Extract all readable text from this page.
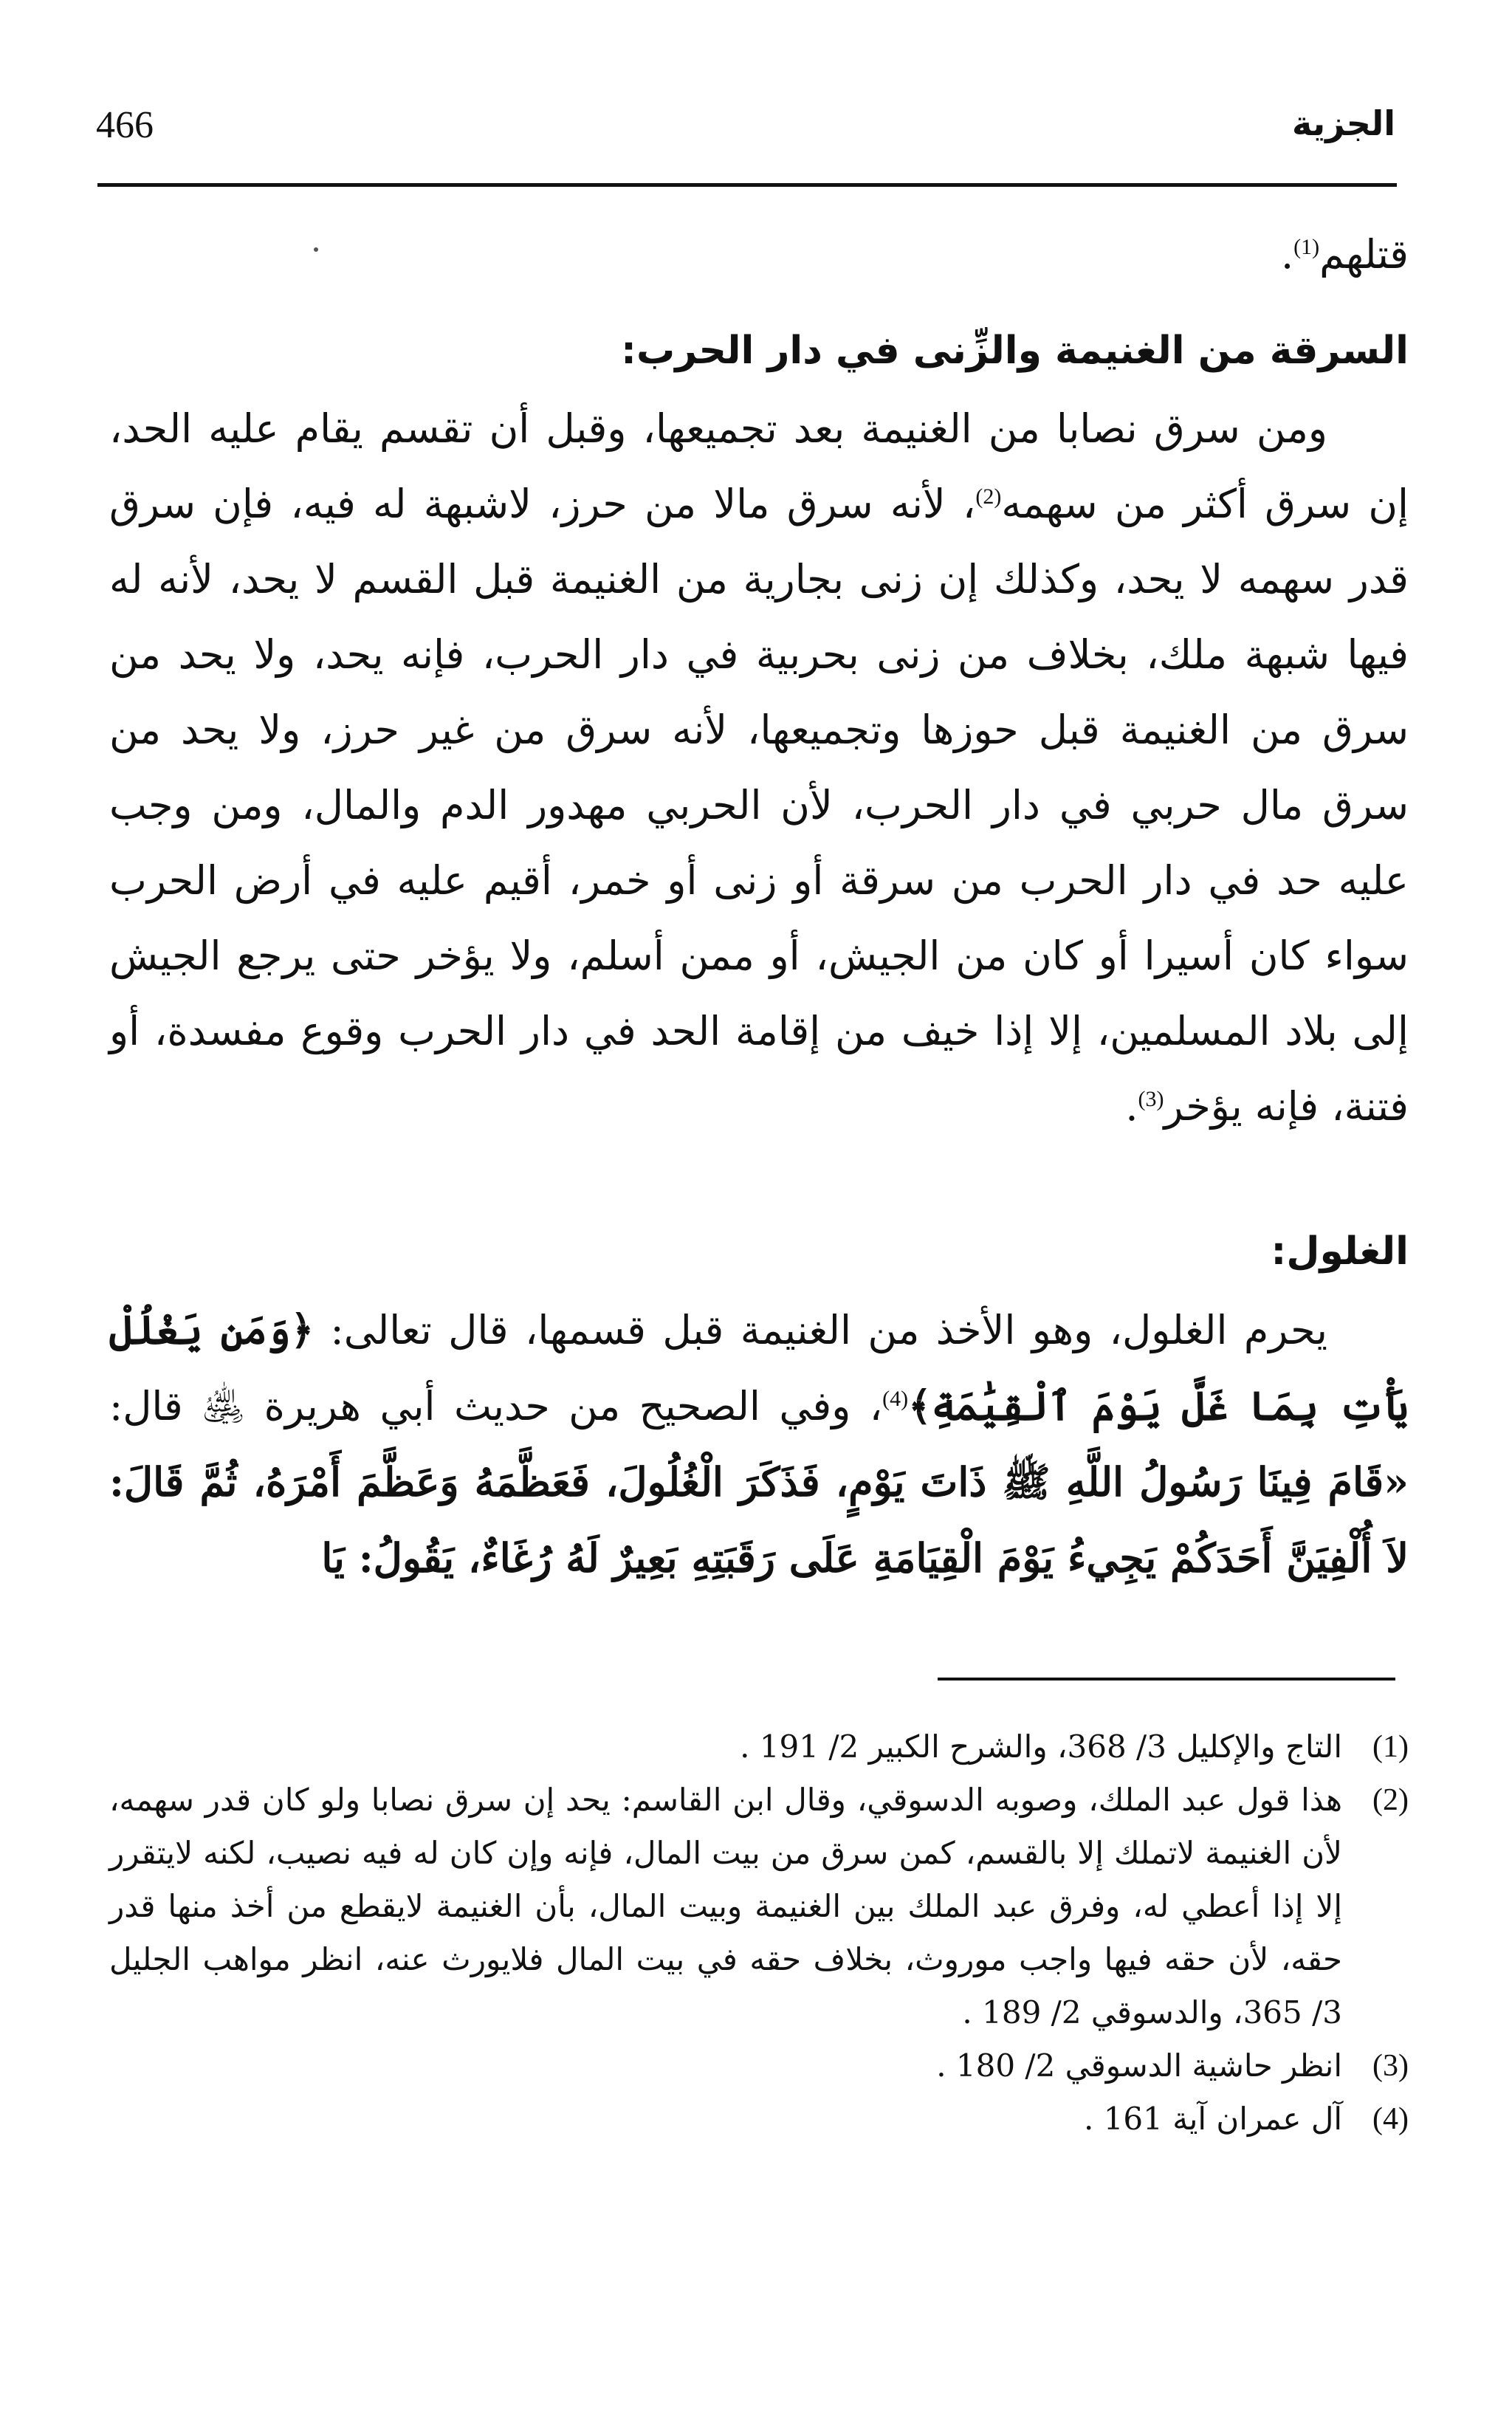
466	الجزية

قتلهم$^{(1)}$.

السرقة من الغنيمة والزِّنى في دار الحرب:

ومن سرق نصابا من الغنيمة بعد تجميعها، وقبل أن تقسم يقام عليه الحد، إن سرق أكثر من سهمه$^{(2)}$، لأنه سرق مالا من حرز، لاشبهة له فيه، فإن سرق قدر سهمه لا يحد، وكذلك إن زنى بجارية من الغنيمة قبل القسم لا يحد، لأنه له فيها شبهة ملك، بخلاف من زنى بحربية في دار الحرب، فإنه يحد، ولا يحد من سرق من الغنيمة قبل حوزها وتجميعها، لأنه سرق من غير حرز، ولا يحد من سرق مال حربي في دار الحرب، لأن الحربي مهدور الدم والمال، ومن وجب عليه حد في دار الحرب من سرقة أو زنى أو خمر، أقيم عليه في أرض الحرب سواء كان أسيرا أو كان من الجيش، أو ممن أسلم، ولا يؤخر حتى يرجع الجيش إلى بلاد المسلمين، إلا إذا خيف من إقامة الحد في دار الحرب وقوع مفسدة، أو فتنة، فإنه يؤخر$^{(3)}$.

الغلول:

يحرم الغلول، وهو الأخذ من الغنيمة قبل قسمها، قال تعالى: ﴿وَمَن يَغْلُلْ يَأْتِ بِمَا غَلَّ يَوْمَ ٱلْقِيَٰمَةِ﴾$^{(4)}$، وفي الصحيح من حديث أبي هريرة ﵁ قال: «قَامَ فِينَا رَسُولُ اللَّهِ ﷺ ذَاتَ يَوْمٍ، فَذَكَرَ الْغُلُولَ، فَعَظَّمَهُ وَعَظَّمَ أَمْرَهُ، ثُمَّ قَالَ: لاَ أُلْفِيَنَّ أَحَدَكُمْ يَجِيءُ يَوْمَ الْقِيَامَةِ عَلَى رَقَبَتِهِ بَعِيرٌ لَهُ رُغَاءٌ، يَقُولُ: يَا

(1)
التاج والإكليل 3/ 368، والشرح الكبير 2/ 191 .
(2)
هذا قول عبد الملك، وصوبه الدسوقي، وقال ابن القاسم: يحد إن سرق نصابا ولو كان قدر سهمه، لأن الغنيمة لاتملك إلا بالقسم، كمن سرق من بيت المال، فإنه وإن كان له فيه نصيب، لكنه لايتقرر إلا إذا أعطي له، وفرق عبد الملك بين الغنيمة وبيت المال، بأن الغنيمة لايقطع من أخذ منها قدر حقه، لأن حقه فيها واجب موروث، بخلاف حقه في بيت المال فلايورث عنه، انظر مواهب الجليل 3/ 365، والدسوقي 2/ 189 .
(3)
انظر حاشية الدسوقي 2/ 180 .
(4)
آل عمران آية 161 .
